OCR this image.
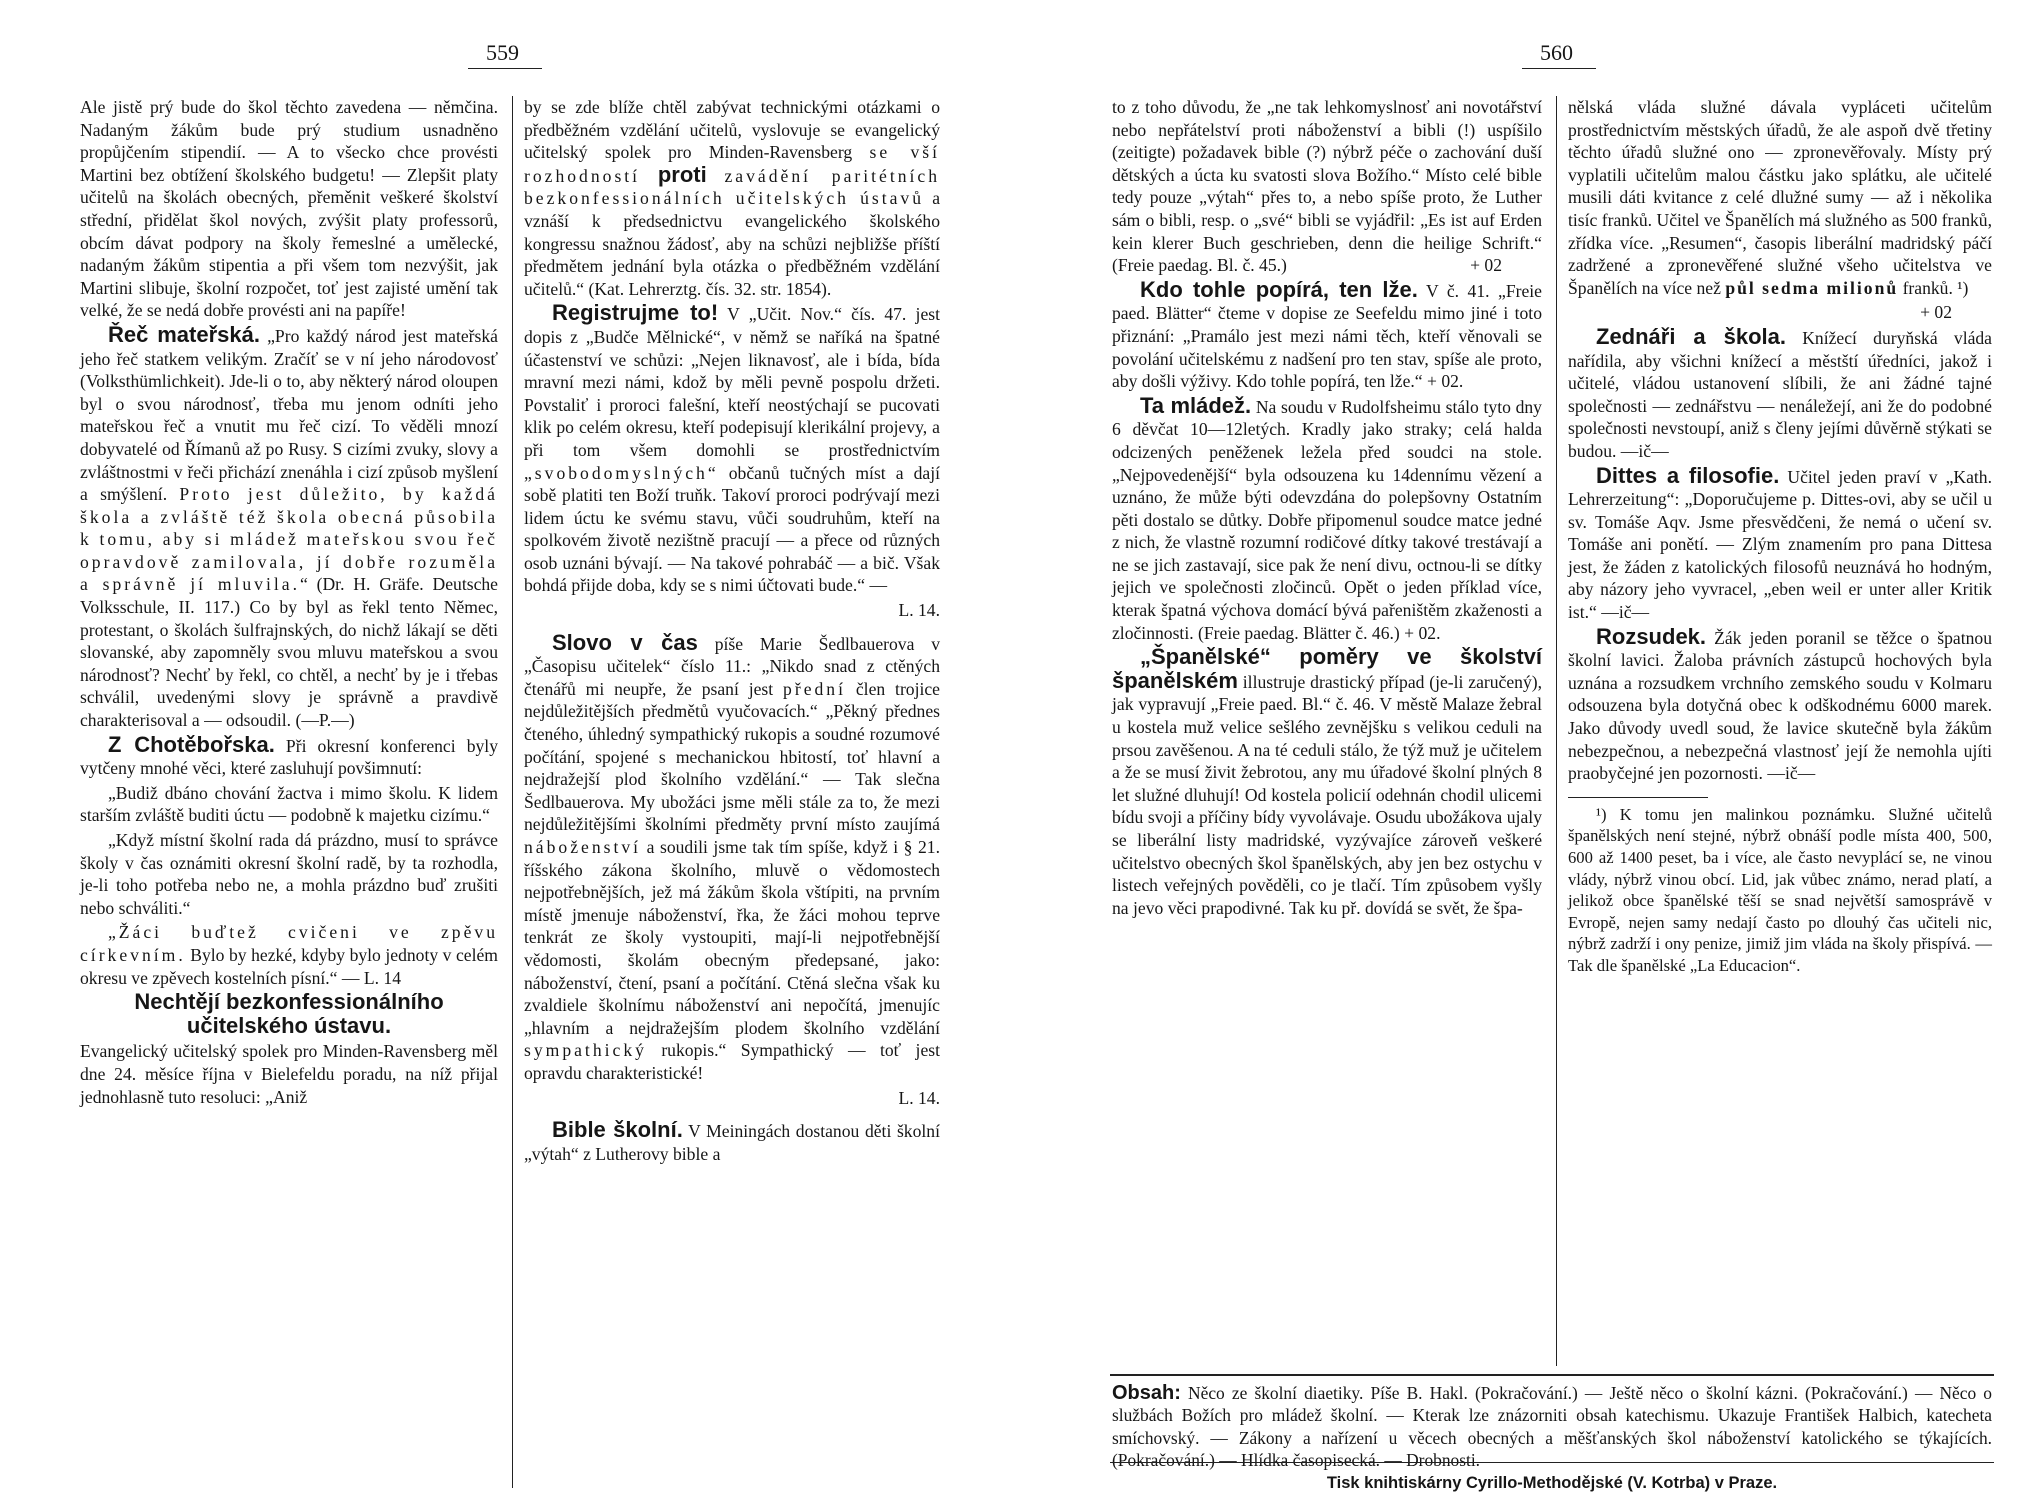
559	560

Ale jistě prý bude do škol těchto zavedena — němčina. Nadaným žákům bude prý studium usnadněno propůjčením stipendií. — A to všecko chce provésti Martini bez obtížení školského budgetu! — Zlepšit platy učitelů na školách obecných, přeměnit veškeré školství střední, přidělat škol nových, zvýšit platy professorů, obcím dávat podpory na školy řemeslné a umělecké, nadaným žákům stipentia a při všem tom nezvýšit, jak Martini slibuje, školní rozpočet, toť jest zajisté umění tak velké, že se nedá dobře provésti ani na papíře!

Řeč mateřská. „Pro každý národ jest mateřská jeho řeč statkem velikým. Zračíť se v ní jeho národovosť (Volksthümlichkeit). Jde-li o to, aby některý národ oloupen byl o svou národnosť, třeba mu jenom odníti jeho mateřskou řeč a vnutit mu řeč cizí. To věděli mnozí dobyvatelé od Římanů až po Rusy. S cizími zvuky, slovy a zvláštnostmi v řeči přichází znenáhla i cizí způsob myšlení a smýšlení. Proto jest důležito, by každá škola a zvláště též škola obecná působila k tomu, aby si mládež mateřskou svou řeč opravdově zamilovala, jí dobře rozuměla a správně jí mluvila.“ (Dr. H. Gräfe. Deutsche Volksschule, II. 117.) Co by byl as řekl tento Němec, protestant, o školách šulfrajnských, do nichž lákají se děti slovanské, aby zapomněly svou mluvu mateřskou a svou národnosť? Nechť by řekl, co chtěl, a nechť by je i třebas schválil, uvedenými slovy je správně a pravdivě charakterisoval a — odsoudil. (—P.—)

Z Chotěbořska. Při okresní konferenci byly vytčeny mnohé věci, které zasluhují povšimnutí:

„Budiž dbáno chování žactva i mimo školu. K lidem starším zvláště buditi úctu — podobně k majetku cizímu.“

„Když místní školní rada dá prázdno, musí to správce školy v čas oznámiti okresní školní radě, by ta rozhodla, je-li toho potřeba nebo ne, a mohla prázdno buď zrušiti nebo schváliti.“

„Žáci buďtež cvičeni ve zpěvu církevním. Bylo by hezké, kdyby bylo jednoty v celém okresu ve zpěvech kostelních písní.“ — L. 14

Nechtějí bezkonfessionálního učitelského ústavu.

Evangelický učitelský spolek pro Minden-Ravensberg měl dne 24. měsíce října v Bielefeldu poradu, na níž přijal jednohlasně tuto resoluci: „Aniž

by se zde blíže chtěl zabývat technickými otázkami o předběžném vzdělání učitelů, vyslovuje se evangelický učitelský spolek pro Minden-Ravensberg se vší rozhodností proti zavádění paritétních bezkonfessionálních učitelských ústavů a vznáší k předsednictvu evangelického školského kongressu snažnou žádosť, aby na schůzi nejbližše příští předmětem jednání byla otázka o předběžném vzdělání učitelů.“ (Kat. Lehrerztg. čís. 32. str. 1854).

Registrujme to! V „Učit. Nov.“ čís. 47. jest dopis z „Budče Mělnické“, v němž se naříká na špatné účastenství ve schůzi: „Nejen liknavosť, ale i bída, bída mravní mezi námi, kdož by měli pevně pospolu držeti. Povstaliť i proroci falešní, kteří neostýchají se pucovati klik po celém okresu, kteří podepisují klerikální projevy, a při tom všem domohli se prostřednictvím „svobodomyslných“ občanů tučných míst a dají sobě platiti ten Boží truňk. Takoví proroci podrývají mezi lidem úctu ke svému stavu, vůči soudruhům, kteří na spolkovém životě nezištně pracují — a přece od různých osob uznáni bývají. — Na takové pohrabáč — a bič. Však bohdá přijde doba, kdy se s nimi účtovati bude.“ —

L. 14.

Slovo v čas píše Marie Šedlbauerova v „Časopisu učitelek“ číslo 11.: „Nikdo snad z ctěných čtenářů mi neupře, že psaní jest přední člen trojice nejdůležitějších předmětů vyučovacích.“ „Pěkný přednes čteného, úhledný sympathický rukopis a soudné rozumové počítání, spojené s mechanickou hbitostí, toť hlavní a nejdražejší plod školního vzdělání.“ — Tak slečna Šedlbauerova. My ubožáci jsme měli stále za to, že mezi nejdůležitějšími školními předměty první místo zaujímá náboženství a soudili jsme tak tím spíše, když i § 21. říšského zákona školního, mluvě o vědomostech nejpotřebnějších, jež má žákům škola vštípiti, na prvním místě jmenuje náboženství, řka, že žáci mohou teprve tenkrát ze školy vystoupiti, mají-li nejpotřebnější vědomosti, školám obecným předepsané, jako: náboženství, čtení, psaní a počítání. Ctěná slečna však ku zvaldiele školnímu náboženství ani nepočítá, jmenujíc „hlavním a nejdražejším plodem školního vzdělání sympathický rukopis.“ Sympathický — toť jest opravdu charakteristické!

L. 14.

Bible školní. V Meiningách dostanou děti školní „výtah“ z Lutherovy bible a

to z toho důvodu, že „ne tak lehkomyslnosť ani novotářství nebo nepřátelství proti náboženství a bibli (!) uspíšilo (zeitigte) požadavek bible (?) nýbrž péče o zachování duší dětských a úcta ku svatosti slova Božího.“ Místo celé bible tedy pouze „výtah“ přes to, a nebo spíše proto, že Luther sám o bibli, resp. o „své“ bibli se vyjádřil: „Es ist auf Erden kein klerer Buch geschrieben, denn die heilige Schrift.“ (Freie paedag. Bl. č. 45.)	+ 02

Kdo tohle popírá, ten lže. V č. 41. „Freie paed. Blätter“ čteme v dopise ze Seefeldu mimo jiné i toto přiznání: „Pramálo jest mezi námi těch, kteří věnovali se povolání učitelskému z nadšení pro ten stav, spíše ale proto, aby došli výživy. Kdo tohle popírá, ten lže.“ + 02.

Ta mládež. Na soudu v Rudolfsheimu stálo tyto dny 6 děvčat 10—12letých. Kradly jako straky; celá halda odcizených peněženek ležela před soudci na stole. „Nejpovedenější“ byla odsouzena ku 14dennímu vězení a uznáno, že může býti odevzdána do polepšovny Ostatním pěti dostalo se důtky. Dobře připomenul soudce matce jedné z nich, že vlastně rozumní rodičové dítky takové trestávají a ne se jich zastavají, sice pak že není divu, octnou-li se dítky jejich ve společnosti zločinců. Opět o jeden příklad více, kterak špatná výchova domácí bývá pařeništěm zkaženosti a zločinnosti. (Freie paedag. Blätter č. 46.) + 02.

„Španělské“ poměry ve školství španělském illustruje drastický případ (je-li zaručený), jak vypravují „Freie paed. Bl.“ č. 46. V městě Malaze žebral u kostela muž velice sešlého zevnějšku s velikou ceduli na prsou zavěšenou. A na té ceduli stálo, že týž muž je učitelem a že se musí živit žebrotou, any mu úřadové školní plných 8 let služné dluhují! Od kostela policií odehnán chodil ulicemi bídu svoji a příčiny bídy vyvolávaje. Osudu ubožákova ujaly se liberální listy madridské, vyzývajíce zároveň veškeré učitelstvo obecných škol španělských, aby jen bez ostychu v listech veřejných pověděli, co je tlačí. Tím způsobem vyšly na jevo věci prapodivné. Tak ku př. dovídá se svět, že špa-

nělská vláda služné dávala vypláceti učitelům prostřednictvím městských úřadů, že ale aspoň dvě třetiny těchto úřadů služné ono — zpronevěřovaly. Místy prý vyplatili učitelům malou částku jako splátku, ale učitelé musili dáti kvitance z celé dlužné sumy — až i několika tisíc franků. Učitel ve Španělích má služného as 500 franků, zřídka více. „Resumen“, časopis liberální madridský páčí zadržené a zpronevěřené služné všeho učitelstva ve Španělích na více než půl sedma milionů franků. ¹)

+ 02

Zednáři a škola. Knížecí duryňská vláda nařídila, aby všichni knížecí a městští úředníci, jakož i učitelé, vládou ustanovení slíbili, že ani žádné tajné společnosti — zednářstvu — nenáležejí, ani že do podobné společnosti nevstoupí, aniž s členy jejími důvěrně stýkati se budou. —ič—

Dittes a filosofie. Učitel jeden praví v „Kath. Lehrerzeitung“: „Doporučujeme p. Dittes-ovi, aby se učil u sv. Tomáše Aqv. Jsme přesvědčeni, že nemá o učení sv. Tomáše ani ponětí. — Zlým znamením pro pana Dittesa jest, že žáden z katolických filosofů neuznává ho hodným, aby názory jeho vyvracel, „eben weil er unter aller Kritik ist.“ —ič—

Rozsudek. Žák jeden poranil se těžce o špatnou školní lavici. Žaloba právních zástupců hochových byla uznána a rozsudkem vrchního zemského soudu v Kolmaru odsouzena byla dotyčná obec k odškodnému 6000 marek. Jako důvody uvedl soud, že lavice skutečně byla žákům nebezpečnou, a nebezpečná vlastnosť její že nemohla ujíti praobyčejné jen pozornosti. —ič—

¹) K tomu jen malinkou poznámku. Služné učitelů španělských není stejné, nýbrž obnáší podle místa 400, 500, 600 až 1400 peset, ba i více, ale často nevyplácí se, ne vinou vlády, nýbrž vinou obcí. Lid, jak vůbec známo, nerad platí, a jelikož obce španělské těší se snad největší samosprávě v Evropě, nejen samy nedají často po dlouhý čas učiteli nic, nýbrž zadrží i ony penize, jimiž jim vláda na školy přispívá. — Tak dle španělské „La Educacion“.

Obsah: Něco ze školní diaetiky. Píše B. Hakl. (Pokračování.) — Ještě něco o školní kázni. (Pokračování.) — Něco o službách Božích pro mládež školní. — Kterak lze znázorniti obsah katechismu. Ukazuje František Halbich, katecheta smíchovský. — Zákony a nařízení u věcech obecných a měšťanských škol náboženství katolického se týkajících. (Pokračování.) — Hlídka časopisecká. — Drobnosti.
Tisk knihtiskárny Cyrillo-Methodějské (V. Kotrba) v Praze.
